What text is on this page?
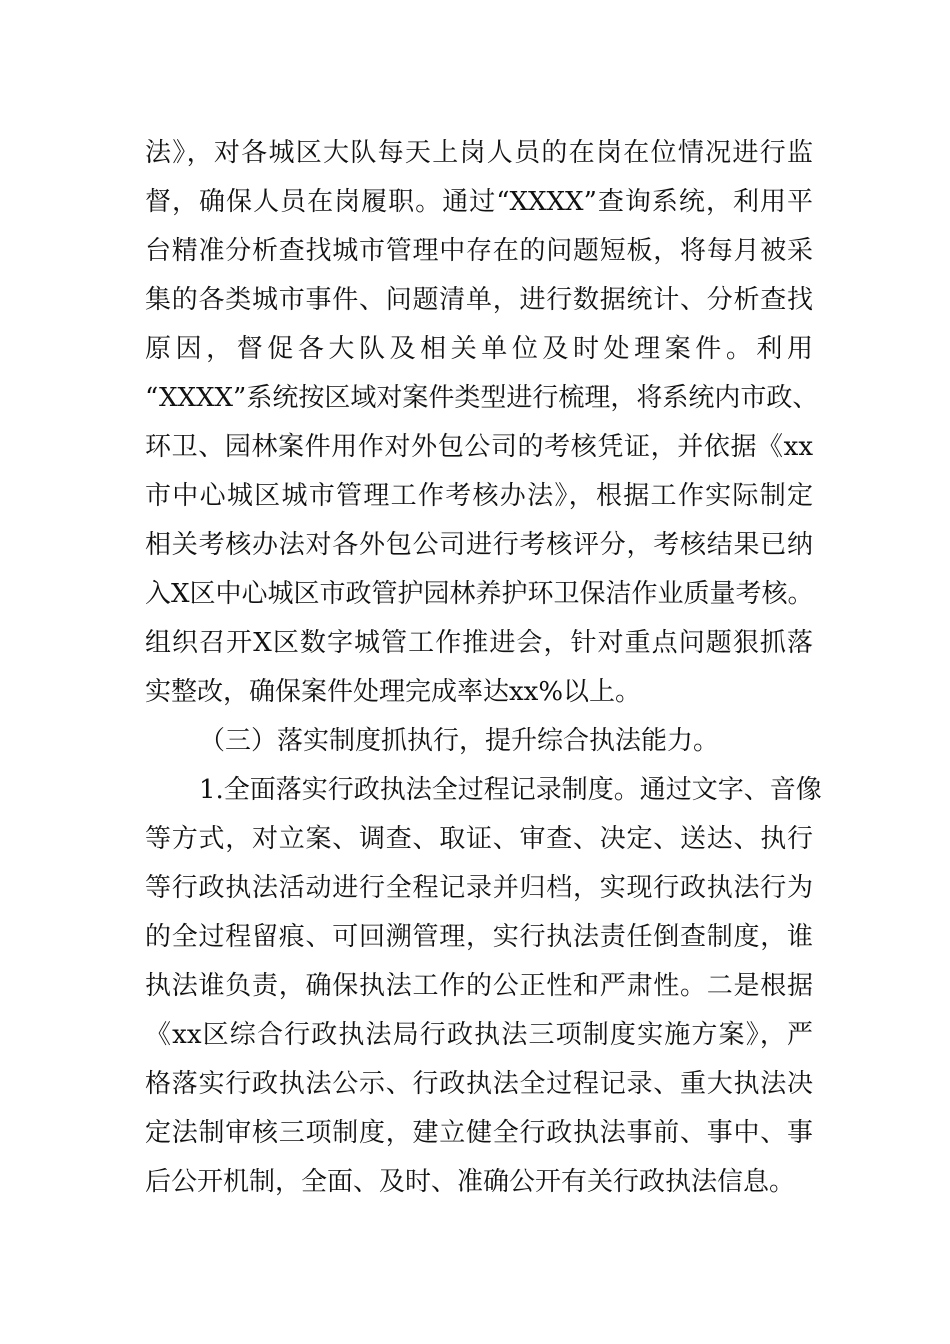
法》，对各城区大队每天上岗人员的在岗在位情况进行监
督，确保人员在岗履职。通过“XXXX”查询系统，利用平
台精准分析查找城市管理中存在的问题短板，将每月被采
集的各类城市事件、问题清单，进行数据统计、分析查找
原因，督促各大队及相关单位及时处理案件。利用
“XXXX”系统按区域对案件类型进行梳理，将系统内市政、
环卫、园林案件用作对外包公司的考核凭证，并依据《xx
市中心城区城市管理工作考核办法》，根据工作实际制定
相关考核办法对各外包公司进行考核评分，考核结果已纳
入X区中心城区市政管护园林养护环卫保洁作业质量考核。
组织召开X区数字城管工作推进会，针对重点问题狠抓落
实整改，确保案件处理完成率达xx%以上。
（三）落实制度抓执行，提升综合执法能力。
1.全面落实行政执法全过程记录制度。通过文字、音像
等方式，对立案、调查、取证、审查、决定、送达、执行
等行政执法活动进行全程记录并归档，实现行政执法行为
的全过程留痕、可回溯管理，实行执法责任倒查制度，谁
执法谁负责，确保执法工作的公正性和严肃性。二是根据
《xx区综合行政执法局行政执法三项制度实施方案》，严
格落实行政执法公示、行政执法全过程记录、重大执法决
定法制审核三项制度，建立健全行政执法事前、事中、事
后公开机制，全面、及时、准确公开有关行政执法信息。
